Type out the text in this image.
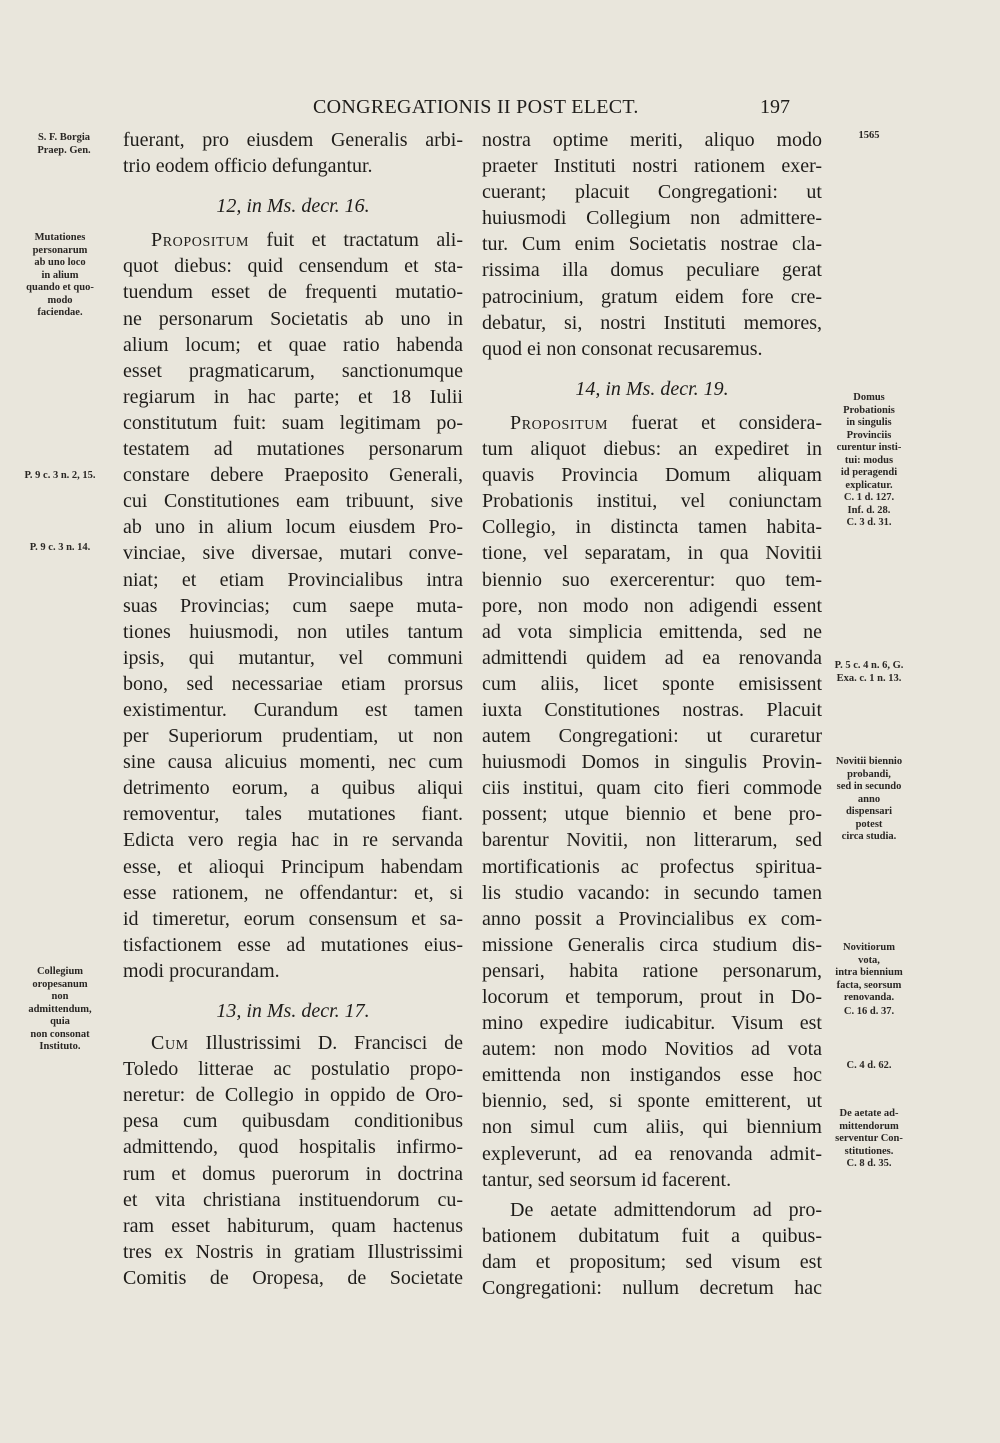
CONGREGATIONIS II POST ELECT.	197
S. F. Borgia
Praep. Gen.
Mutationes
personarum
ab uno loco
in alium
quando et quo-
modo
faciendae.
P. 9 c. 3 n. 2, 15.
P. 9 c. 3 n. 14.
Collegium
oropesanum
non
admittendum,
quia
non consonat
Instituto.
1565
Domus
Probationis
in singulis
Provinciis
curentur insti-
tui: modus
id peragendi
explicatur.
C. 1 d. 127.
Inf. d. 28.
C. 3 d. 31.
P. 5 c. 4 n. 6, G.
Exa. c. 1 n. 13.
Novitii biennio
probandi,
sed in secundo
anno
dispensari
potest
circa studia.
Novitiorum
vota,
intra biennium
facta, seorsum
renovanda.
C. 16 d. 37.
C. 4 d. 62.
De aetate ad-
mittendorum
serventur Con-
stitutiones.
C. 8 d. 35.

fuerant, pro eiusdem Generalis arbi-

trio eodem officio defungantur.

12, in Ms. decr. 16.

Propositum fuit et tractatum ali-

quot diebus: quid censendum et sta-

tuendum esset de frequenti mutatio-

ne personarum Societatis ab uno in

alium locum; et quae ratio habenda

esset pragmaticarum, sanctionumque

regiarum in hac parte; et 18 Iulii

constitutum fuit: suam legitimam po-

testatem ad mutationes personarum

constare debere Praeposito Generali,

cui Constitutiones eam tribuunt, sive

ab uno in alium locum eiusdem Pro-

vinciae, sive diversae, mutari conve-

niat; et etiam Provincialibus intra

suas Provincias; cum saepe muta-

tiones huiusmodi, non utiles tantum

ipsis, qui mutantur, vel communi

bono, sed necessariae etiam prorsus

existimentur. Curandum est tamen

per Superiorum prudentiam, ut non

sine causa alicuius momenti, nec cum

detrimento eorum, a quibus aliqui

removentur, tales mutationes fiant.

Edicta vero regia hac in re servanda

esse, et alioqui Principum habendam

esse rationem, ne offendantur: et, si

id timeretur, eorum consensum et sa-

tisfactionem esse ad mutationes eius-

modi procurandam.

13, in Ms. decr. 17.

Cum Illustrissimi D. Francisci de

Toledo litterae ac postulatio propo-

neretur: de Collegio in oppido de Oro-

pesa cum quibusdam conditionibus

admittendo, quod hospitalis infirmo-

rum et domus puerorum in doctrina

et vita christiana instituendorum cu-

ram esset habiturum, quam hactenus

tres ex Nostris in gratiam Illustrissimi

Comitis de Oropesa, de Societate

nostra optime meriti, aliquo modo

praeter Instituti nostri rationem exer-

cuerant; placuit Congregationi: ut

huiusmodi Collegium non admittere-

tur. Cum enim Societatis nostrae cla-

rissima illa domus peculiare gerat

patrocinium, gratum eidem fore cre-

debatur, si, nostri Instituti memores,

quod ei non consonat recusaremus.

14, in Ms. decr. 19.

Propositum fuerat et considera-

tum aliquot diebus: an expediret in

quavis Provincia Domum aliquam

Probationis institui, vel coniunctam

Collegio, in distincta tamen habita-

tione, vel separatam, in qua Novitii

biennio suo exercerentur: quo tem-

pore, non modo non adigendi essent

ad vota simplicia emittenda, sed ne

admittendi quidem ad ea renovanda

cum aliis, licet sponte emisissent

iuxta Constitutiones nostras. Placuit

autem Congregationi: ut curaretur

huiusmodi Domos in singulis Provin-

ciis institui, quam cito fieri commode

possent; utque biennio et bene pro-

barentur Novitii, non litterarum, sed

mortificationis ac profectus spiritua-

lis studio vacando: in secundo tamen

anno possit a Provincialibus ex com-

missione Generalis circa studium dis-

pensari, habita ratione personarum,

locorum et temporum, prout in Do-

mino expedire iudicabitur. Visum est

autem: non modo Novitios ad vota

emittenda non instigandos esse hoc

biennio, sed, si sponte emitterent, ut

non simul cum aliis, qui biennium

expleverunt, ad ea renovanda admit-

tantur, sed seorsum id facerent.

De aetate admittendorum ad pro-

bationem dubitatum fuit a quibus-

dam et propositum; sed visum est

Congregationi: nullum decretum hac
